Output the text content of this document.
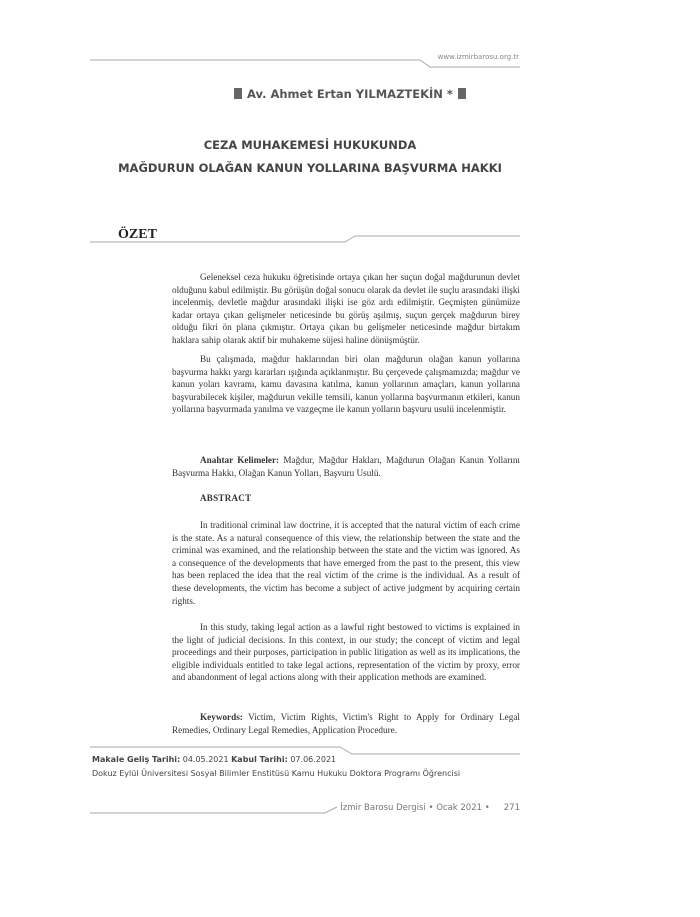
www.izmirbarosu.org.tr
Av. Ahmet Ertan YILMAZTEKİN *
CEZA MUHAKEMESİ HUKUKUNDA
MAĞDURUN OLAĞAN KANUN YOLLARINA BAŞVURMA HAKKI
ÖZET

Geleneksel ceza hukuku öğretisinde ortaya çıkan her suçun doğal mağdurunun devlet olduğunu kabul edilmiştir. Bu görüşün doğal sonucu olarak da devlet ile suçlu arasındaki ilişki incelenmiş, devletle mağdur arasındaki ilişki ise göz ardı edilmiştir. Geçmişten günümüze kadar ortaya çıkan gelişmeler neticesinde bu görüş aşılmış, suçun gerçek mağdurun birey olduğu fikri ön plana çıkmıştır. Ortaya çıkan bu gelişmeler neticesinde mağdur birtakım haklara sahip olarak aktif bir muhakeme süjesi haline dönüşmüştür.

Bu çalışmada, mağdur haklarından biri olan mağdurun olağan kanun yollarına başvurma hakkı yargı kararları ışığında açıklanmıştır. Bu çerçevede çalışmamızda; mağdur ve kanun yoları kavramı, kamu davasına katılma, kanun yollarının amaçları, kanun yollarına başvurabilecek kişiler, mağdurun vekille temsili, kanun yollarına başvurmanın etkileri, kanun yollarına başvurmada yanılma ve vazgeçme ile kanun yolların başvuru usulü incelenmiştir.

Anahtar Kelimeler: Mağdur, Mağdur Hakları, Mağdurun Olağan Kanun Yollarını Başvurma Hakkı, Olağan Kanun Yolları, Başvuru Usulü.

ABSTRACT

In traditional criminal law doctrine, it is accepted that the natural victim of each crime is the state. As a natural consequence of this view, the relationship between the state and the criminal was examined, and the relationship between the state and the victim was ignored. As a consequence of the developments that have emerged from the past to the present, this view has been replaced the idea that the real victim of the crime is the individual. As a result of these developments, the victim has become a subject of active judgment by acquiring certain rights.

In this study, taking legal action as a lawful right bestowed to victims is explained in the light of judicial decisions. In this context, in our study; the concept of victim and legal proceedings and their purposes, participation in public litigation as well as its implications, the eligible individuals entitled to take legal actions, representation of the victim by proxy, error and abandonment of legal actions along with their application methods are examined.

Keywords: Victim, Victim Rights, Victim's Right to Apply for Ordinary Legal Remedies, Ordinary Legal Remedies, Application Procedure.

Makale Geliş Tarihi: 04.05.2021 Kabul Tarihi: 07.06.2021
Dokuz Eylül Üniversitesi Sosyal Bilimler Enstitüsü Kamu Hukuku Doktora Programı Öğrencisi
İzmir Barosu Dergisi • Ocak 2021 • 271
